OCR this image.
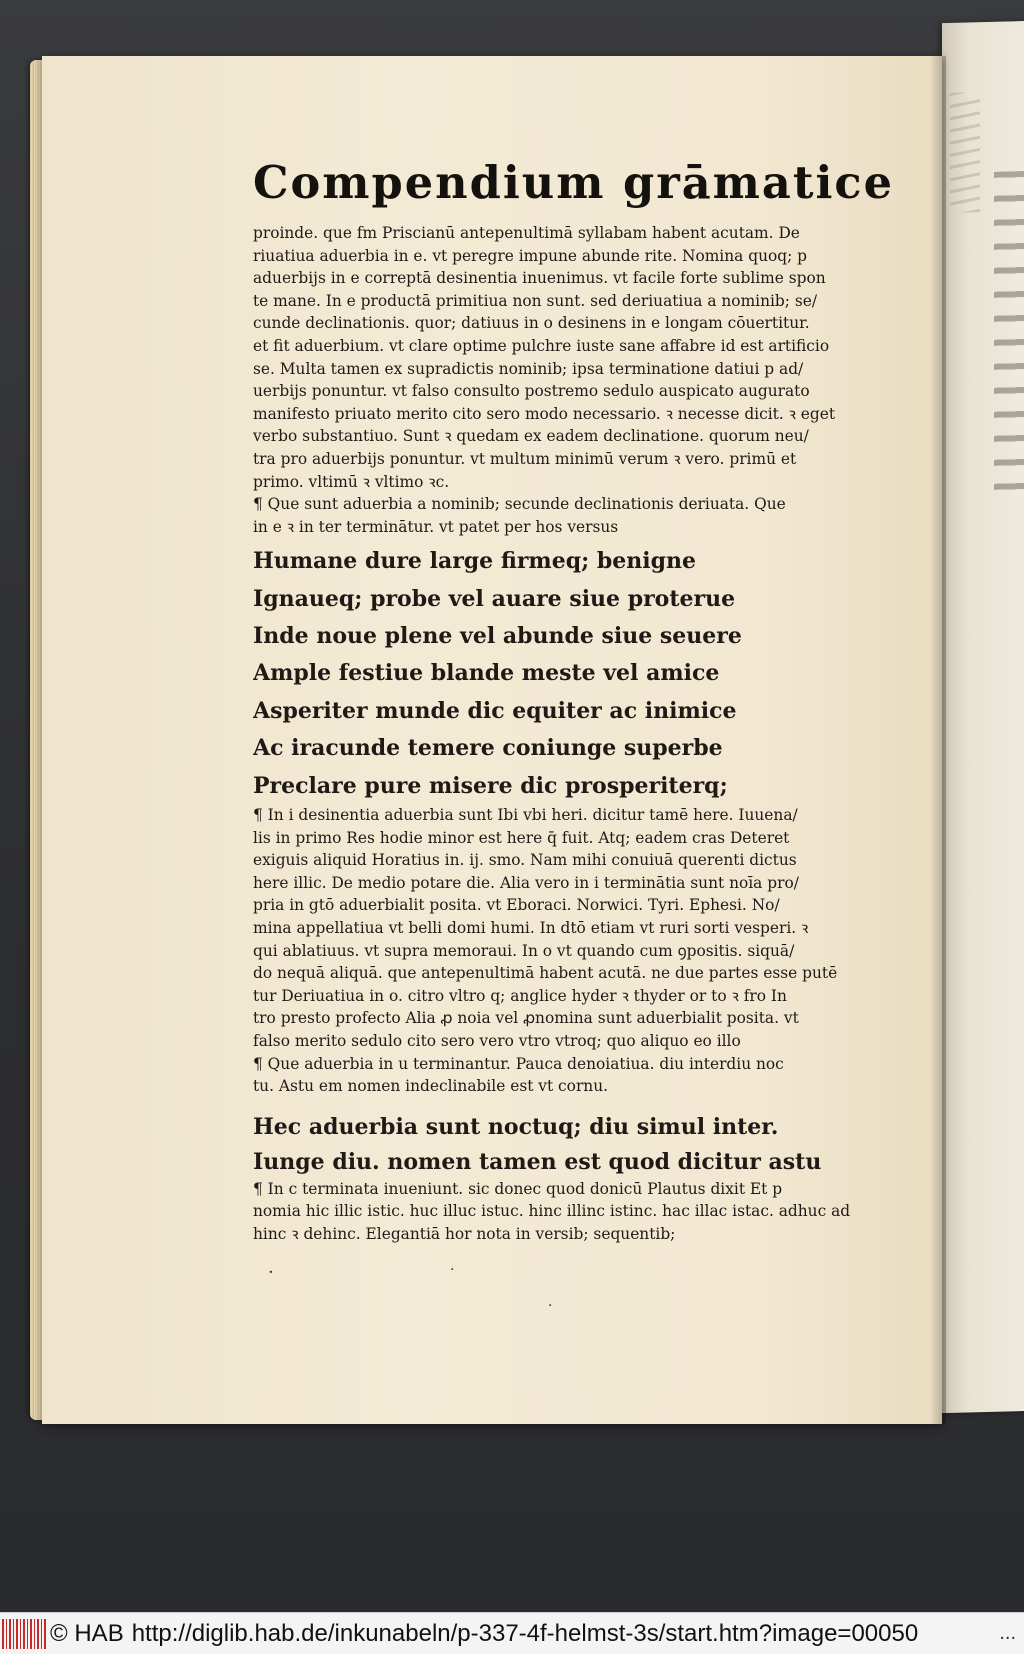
Compendium grāmatice
proinde. que fm Priscianū antepenultimā syllabam habent acutam. De
riuatiua aduerbia in e. vt peregre impune abunde rite. Nomina quoq; p
aduerbijs in e correptā desinentia inuenimus. vt facile forte sublime spon
te mane. In e productā primitiua non sunt. sed deriuatiua a nominib; se/
cunde declinationis. quor; datiuus in o desinens in e longam cōuertitur.
et fit aduerbium. vt clare optime pulchre iuste sane affabre id est artificio
se. Multa tamen ex supradictis nominib; ipsa terminatione datiui p ad/
uerbijs ponuntur. vt falso consulto postremo sedulo auspicato augurato
manifesto priuato merito cito sero modo necessario. ꝛ necesse dicit. ꝛ eget
verbo substantiuo. Sunt ꝛ quedam ex eadem declinatione. quorum neu/
tra pro aduerbijs ponuntur. vt multum minimū verum ꝛ vero. primū et
primo. vltimū ꝛ vltimo ꝛc.
¶ Que sunt aduerbia a nominib; secunde declinationis deriuata. Que
in e ꝛ in ter terminātur. vt patet per hos versus
Humane dure large firmeq; benigne
Ignaueq; probe vel auare siue proterue
Inde noue plene vel abunde siue seuere
Ample festiue blande meste vel amice
Asperiter munde dic equiter ac inimice
Ac iracunde temere coniunge superbe
Preclare pure misere dic prosperiterq;
¶ In i desinentia aduerbia sunt Ibi vbi heri. dicitur tamē here. Iuuena/
lis in primo Res hodie minor est here q̄ fuit. Atq; eadem cras Deteret
exiguis aliquid Horatius in. ij. smo. Nam mihi conuiuā querenti dictus
here illic. De medio potare die. Alia vero in i terminātia sunt noīa pro/
pria in gtō aduerbialit posita. vt Eboraci. Norwici. Tyri. Ephesi. No/
mina appellatiua vt belli domi humi. In dtō etiam vt ruri sorti vesperi. ꝛ
qui ablatiuus. vt supra memoraui. In o vt quando cum ꝯpositis. siquā/
do nequā aliquā. que antepenultimā habent acutā. ne due partes esse putē
tur Deriuatiua in o. citro vltro q; anglice hyder ꝛ thyder or to ꝛ fro In
tro presto profecto Alia ꝓ noia vel ꝓnomina sunt aduerbialit posita. vt
falso merito sedulo cito sero vero vtro vtroq; quo aliquo eo illo
¶ Que aduerbia in u terminantur. Pauca denoiatiua. diu interdiu noc
tu. Astu em nomen indeclinabile est vt cornu.
Hec aduerbia sunt noctuq; diu simul inter.
Iunge diu. nomen tamen est quod dicitur astu
¶ In c terminata inueniunt. sic donec quod donicū Plautus dixit Et p
nomia hic illic istic. huc illuc istuc. hinc illinc istinc. hac illac istac. adhuc ad
hinc ꝛ dehinc. Elegantiā hor nota in versib; sequentib;
·	·
·
© HAB http://diglib.hab.de/inkunabeln/p-337-4f-helmst-3s/start.htm?image=00050	...
